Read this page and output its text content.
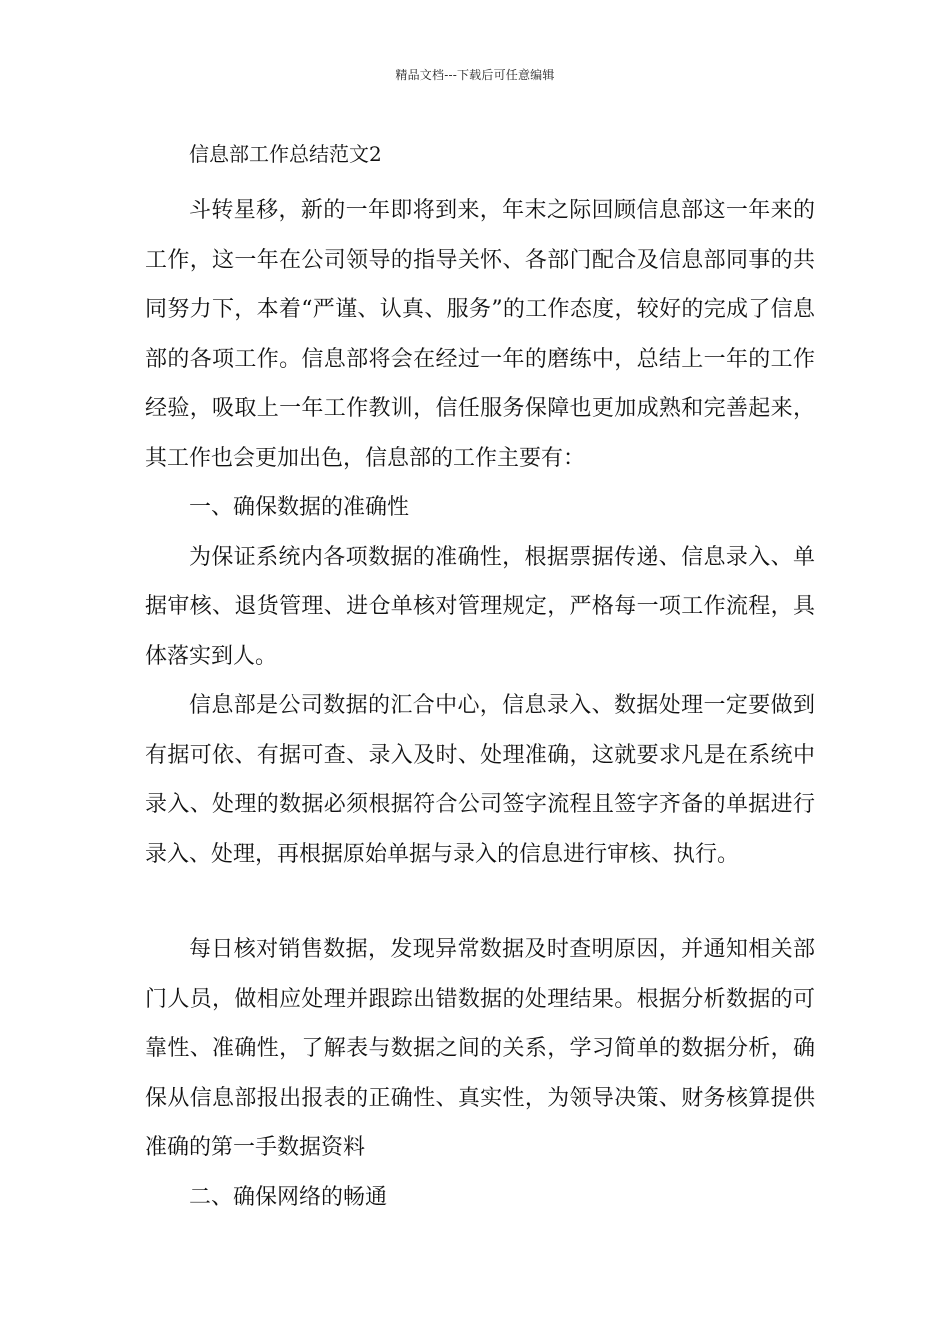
精品文档---下载后可任意编辑
信息部工作总结范文2

斗转星移，新的一年即将到来，年末之际回顾信息部这一年来的工作，这一年在公司领导的指导关怀、各部门配合及信息部同事的共同努力下，本着“严谨、认真、服务”的工作态度，较好的完成了信息部的各项工作。信息部将会在经过一年的磨练中，总结上一年的工作经验，吸取上一年工作教训，信任服务保障也更加成熟和完善起来，其工作也会更加出色，信息部的工作主要有：

一、确保数据的准确性

为保证系统内各项数据的准确性，根据票据传递、信息录入、单据审核、退货管理、进仓单核对管理规定，严格每一项工作流程，具体落实到人。

信息部是公司数据的汇合中心，信息录入、数据处理一定要做到有据可依、有据可查、录入及时、处理准确，这就要求凡是在系统中录入、处理的数据必须根据符合公司签字流程且签字齐备的单据进行录入、处理，再根据原始单据与录入的信息进行审核、执行。

每日核对销售数据，发现异常数据及时查明原因，并通知相关部门人员，做相应处理并跟踪出错数据的处理结果。根据分析数据的可靠性、准确性，了解表与数据之间的关系，学习简单的数据分析，确保从信息部报出报表的正确性、真实性，为领导决策、财务核算提供准确的第一手数据资料

二、确保网络的畅通
